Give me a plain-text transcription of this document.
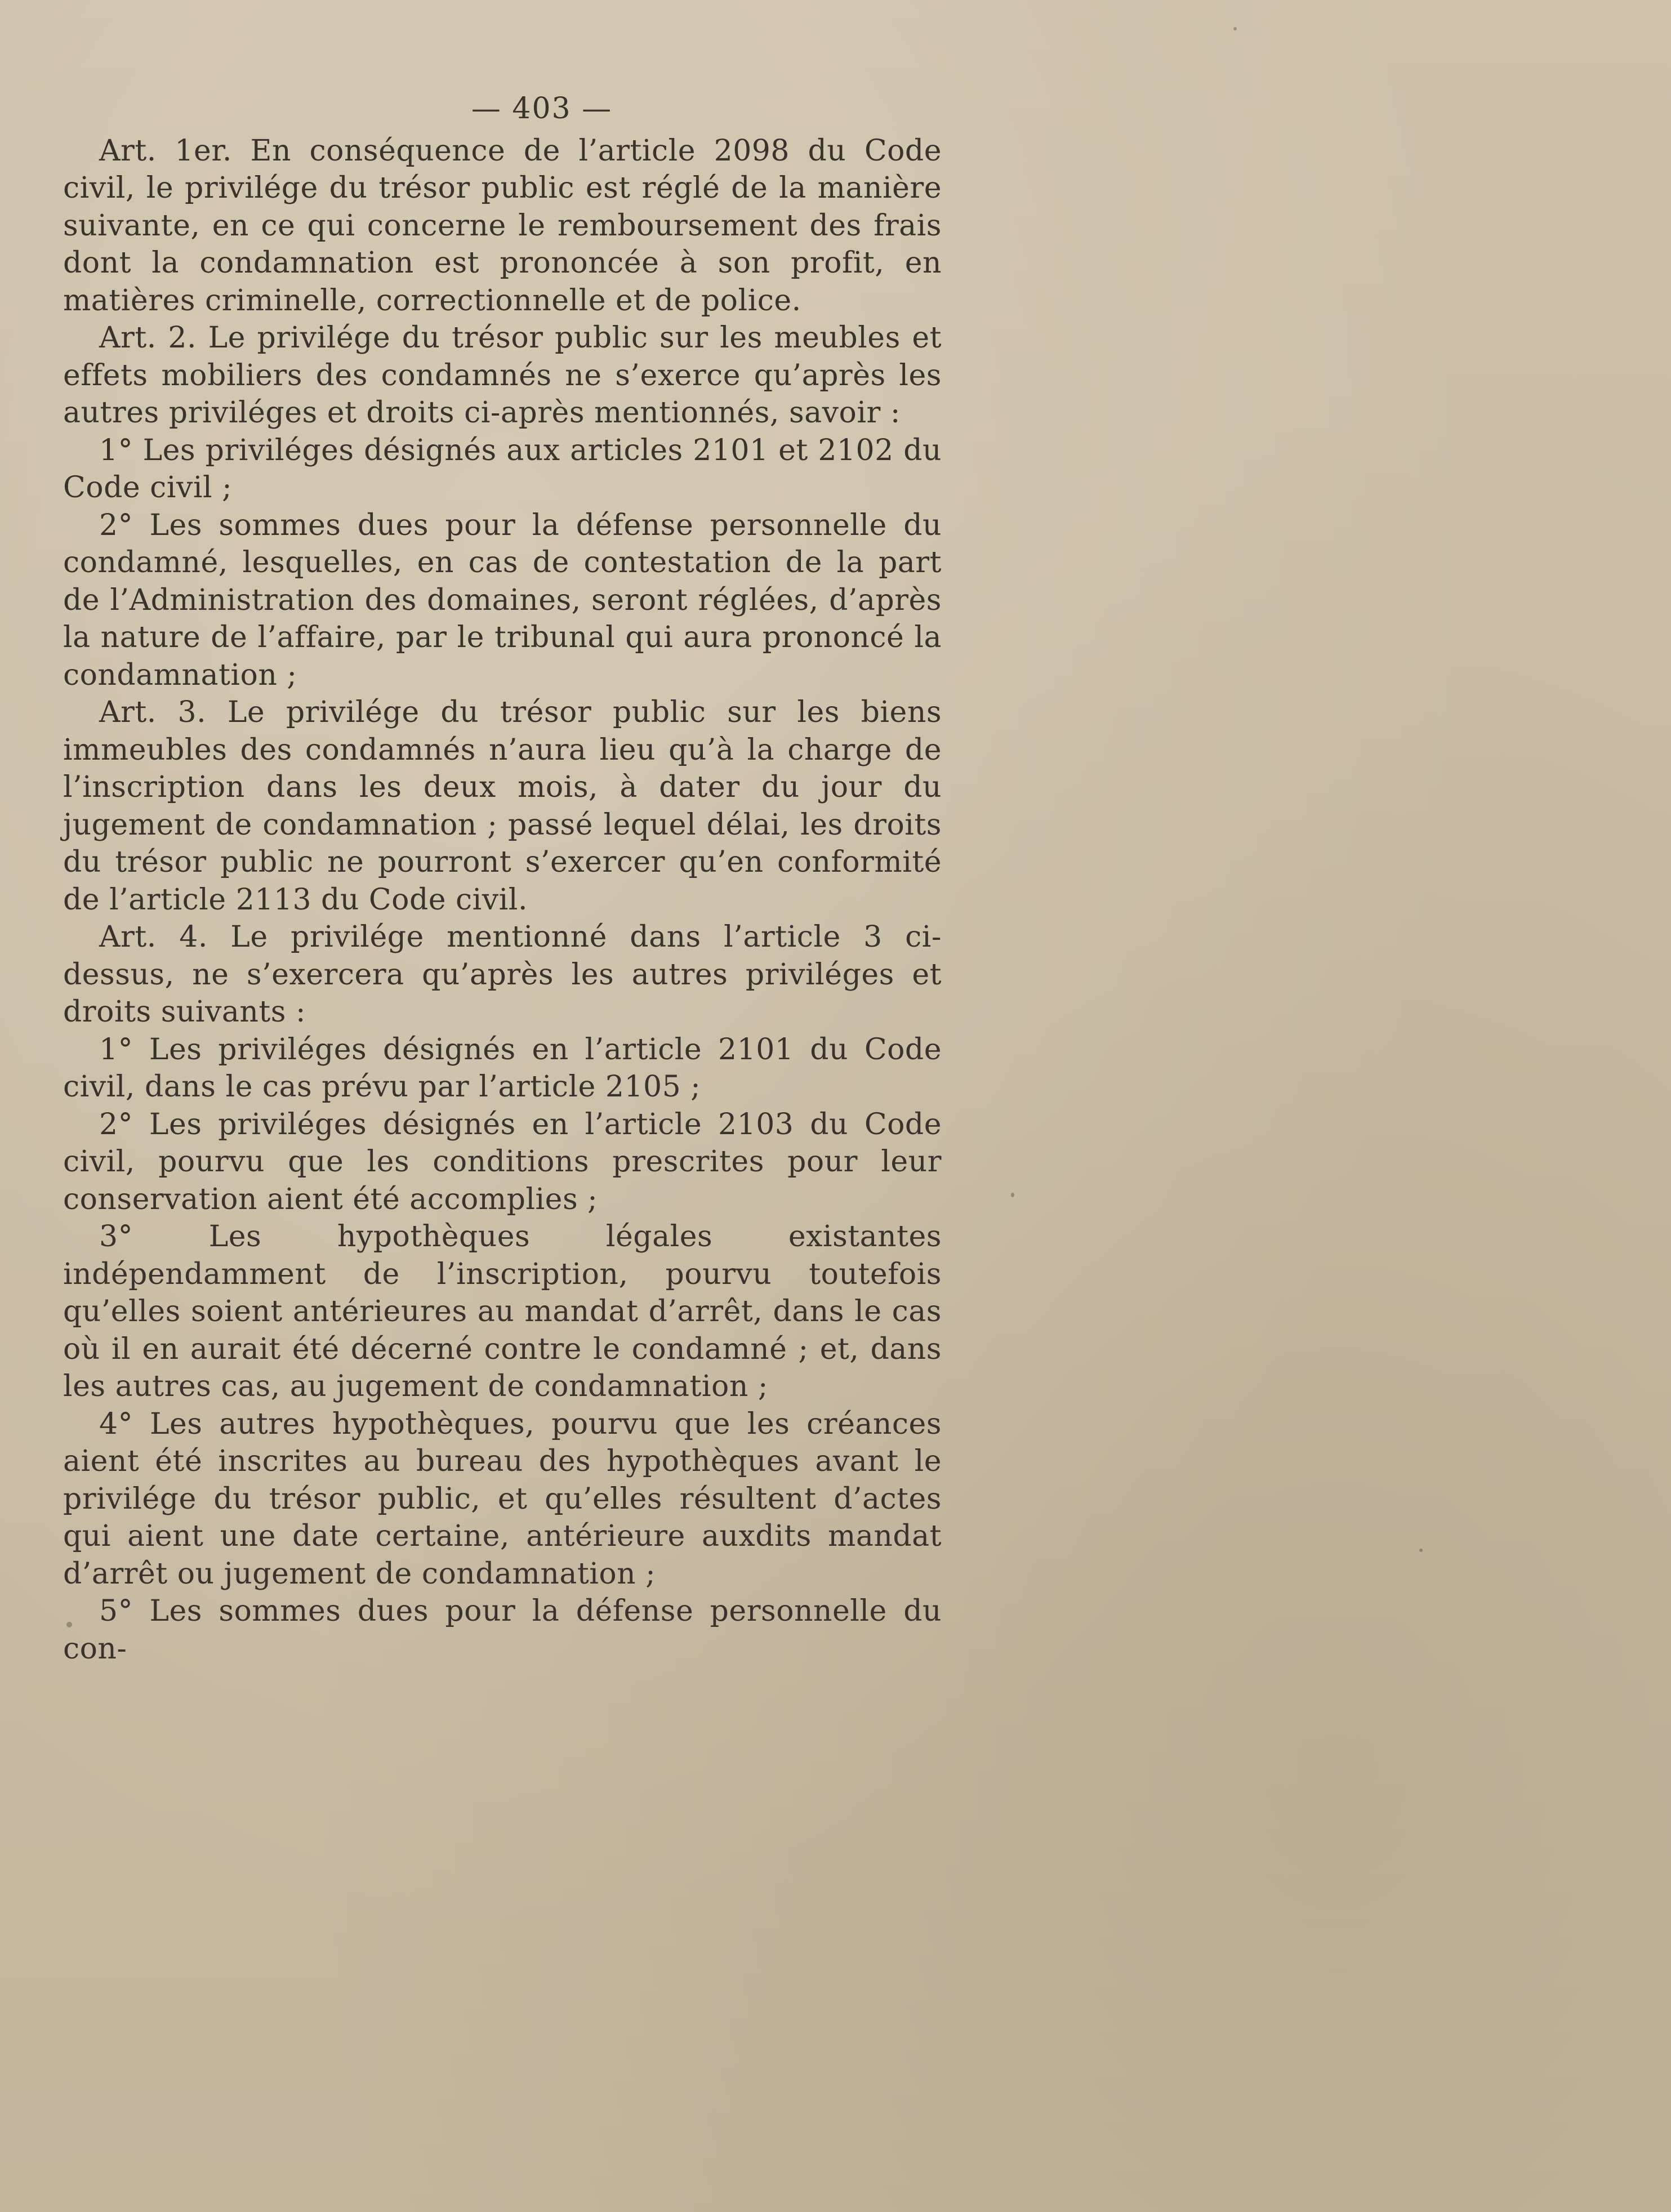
— 403 —

Art. 1er. En conséquence de l’article 2098 du Code civil, le privilége du trésor public est réglé de la manière suivante, en ce qui concerne le remboursement des frais dont la condamnation est prononcée à son profit, en matières criminelle, correctionnelle et de police.

Art. 2. Le privilége du trésor public sur les meubles et effets mobiliers des condamnés ne s’exerce qu’après les autres priviléges et droits ci-après mentionnés, savoir :

1° Les priviléges désignés aux articles 2101 et 2102 du Code civil ;

2° Les sommes dues pour la défense personnelle du condamné, lesquelles, en cas de contestation de la part de l’Administration des domaines, seront réglées, d’après la nature de l’affaire, par le tribunal qui aura prononcé la condamnation ;

Art. 3. Le privilége du trésor public sur les biens immeubles des condamnés n’aura lieu qu’à la charge de l’inscription dans les deux mois, à dater du jour du jugement de condamnation ; passé lequel délai, les droits du trésor public ne pourront s’exercer qu’en conformité de l’article 2113 du Code civil.

Art. 4. Le privilége mentionné dans l’article 3 ci-dessus, ne s’exercera qu’après les autres priviléges et droits suivants :

1° Les priviléges désignés en l’article 2101 du Code civil, dans le cas prévu par l’article 2105 ;

2° Les priviléges désignés en l’article 2103 du Code civil, pourvu que les conditions prescrites pour leur conservation aient été accomplies ;

3° Les hypothèques légales existantes indépendamment de l’inscription, pourvu toutefois qu’elles soient antérieures au mandat d’arrêt, dans le cas où il en aurait été décerné contre le condamné ; et, dans les autres cas, au jugement de condamnation ;

4° Les autres hypothèques, pourvu que les créances aient été inscrites au bureau des hypothèques avant le privilége du trésor public, et qu’elles résultent d’actes qui aient une date certaine, antérieure auxdits mandat d’arrêt ou jugement de condamnation ;

5° Les sommes dues pour la défense personnelle du con-
